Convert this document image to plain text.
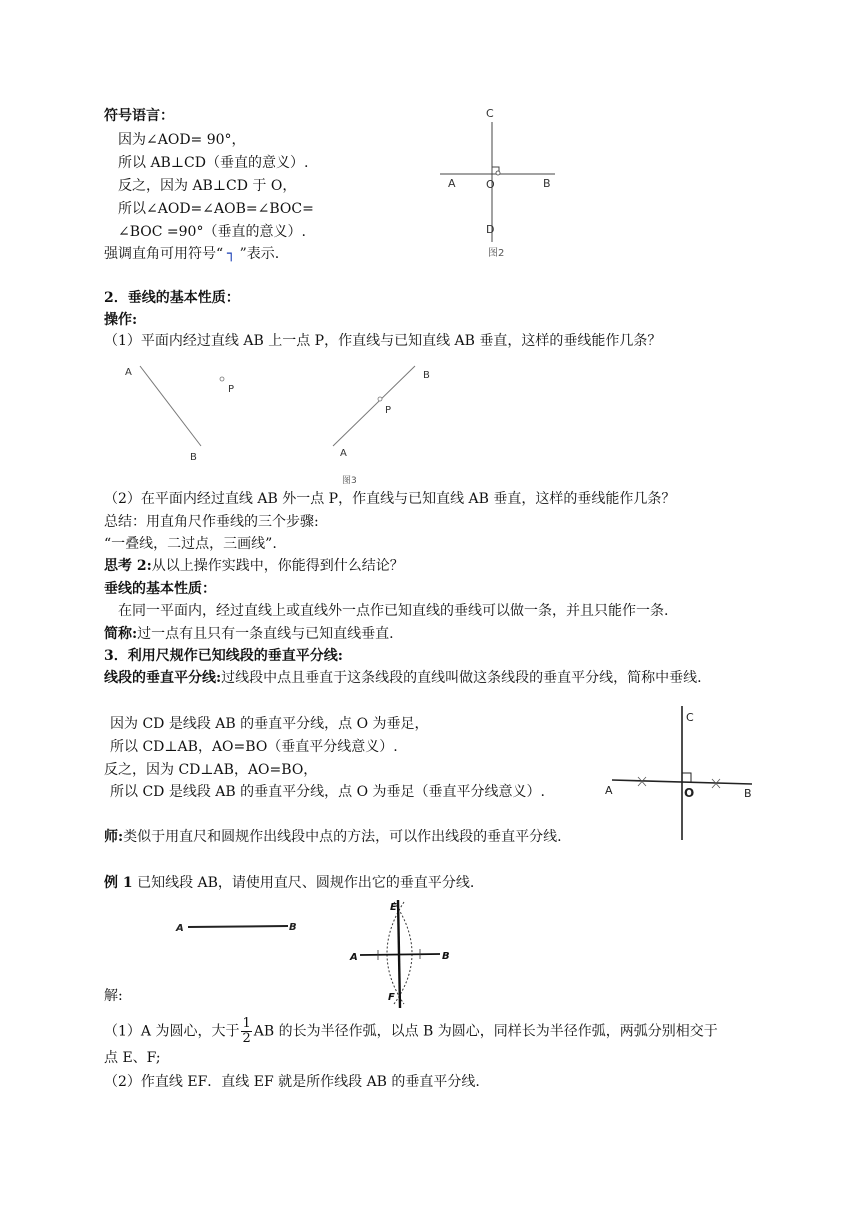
符号语言：
因为∠AOD= 90°，
所以 AB⊥CD（垂直的意义）.
反之，因为 AB⊥CD 于 O，
所以∠AOD=∠AOB=∠BOC=
∠BOC =90°（垂直的意义）.
强调直角可用符号“ ┐ ”表示.
C
A	O	B
D
图2
2．垂线的基本性质：
操作:
（1）平面内经过直线 AB 上一点 P，作直线与已知直线 AB 垂直，这样的垂线能作几条？
A
P
B
B
P
A
图3
（2）在平面内经过直线 AB 外一点 P，作直线与已知直线 AB 垂直，这样的垂线能作几条？
总结：用直角尺作垂线的三个步骤:
“一叠线，二过点，三画线”.
思考 2:从以上操作实践中，你能得到什么结论？
垂线的基本性质：
在同一平面内，经过直线上或直线外一点作已知直线的垂线可以做一条，并且只能作一条.
简称:过一点有且只有一条直线与已知直线垂直.
3．利用尺规作已知线段的垂直平分线:
线段的垂直平分线:过线段中点且垂直于这条线段的直线叫做这条线段的垂直平分线，简称中垂线.
因为 CD 是线段 AB 的垂直平分线，点 O 为垂足，
所以 CD⊥AB，AO=BO（垂直平分线意义）.
反之，因为 CD⊥AB，AO=BO，
所以 CD 是线段 AB 的垂直平分线，点 O 为垂足（垂直平分线意义）.
C
A	O	B
师:类似于用直尺和圆规作出线段中点的方法，可以作出线段的垂直平分线.
例 1 已知线段 AB，请使用直尺、圆规作出它的垂直平分线.
A	B
E
A	B
F
解:
（1）A 为圆心，大于 $\frac{1}{2}$ AB 的长为半径作弧，以点 B 为圆心，同样长为半径作弧，两弧分别相交于
点 E、F;
（2）作直线 EF．直线 EF 就是所作线段 AB 的垂直平分线.
